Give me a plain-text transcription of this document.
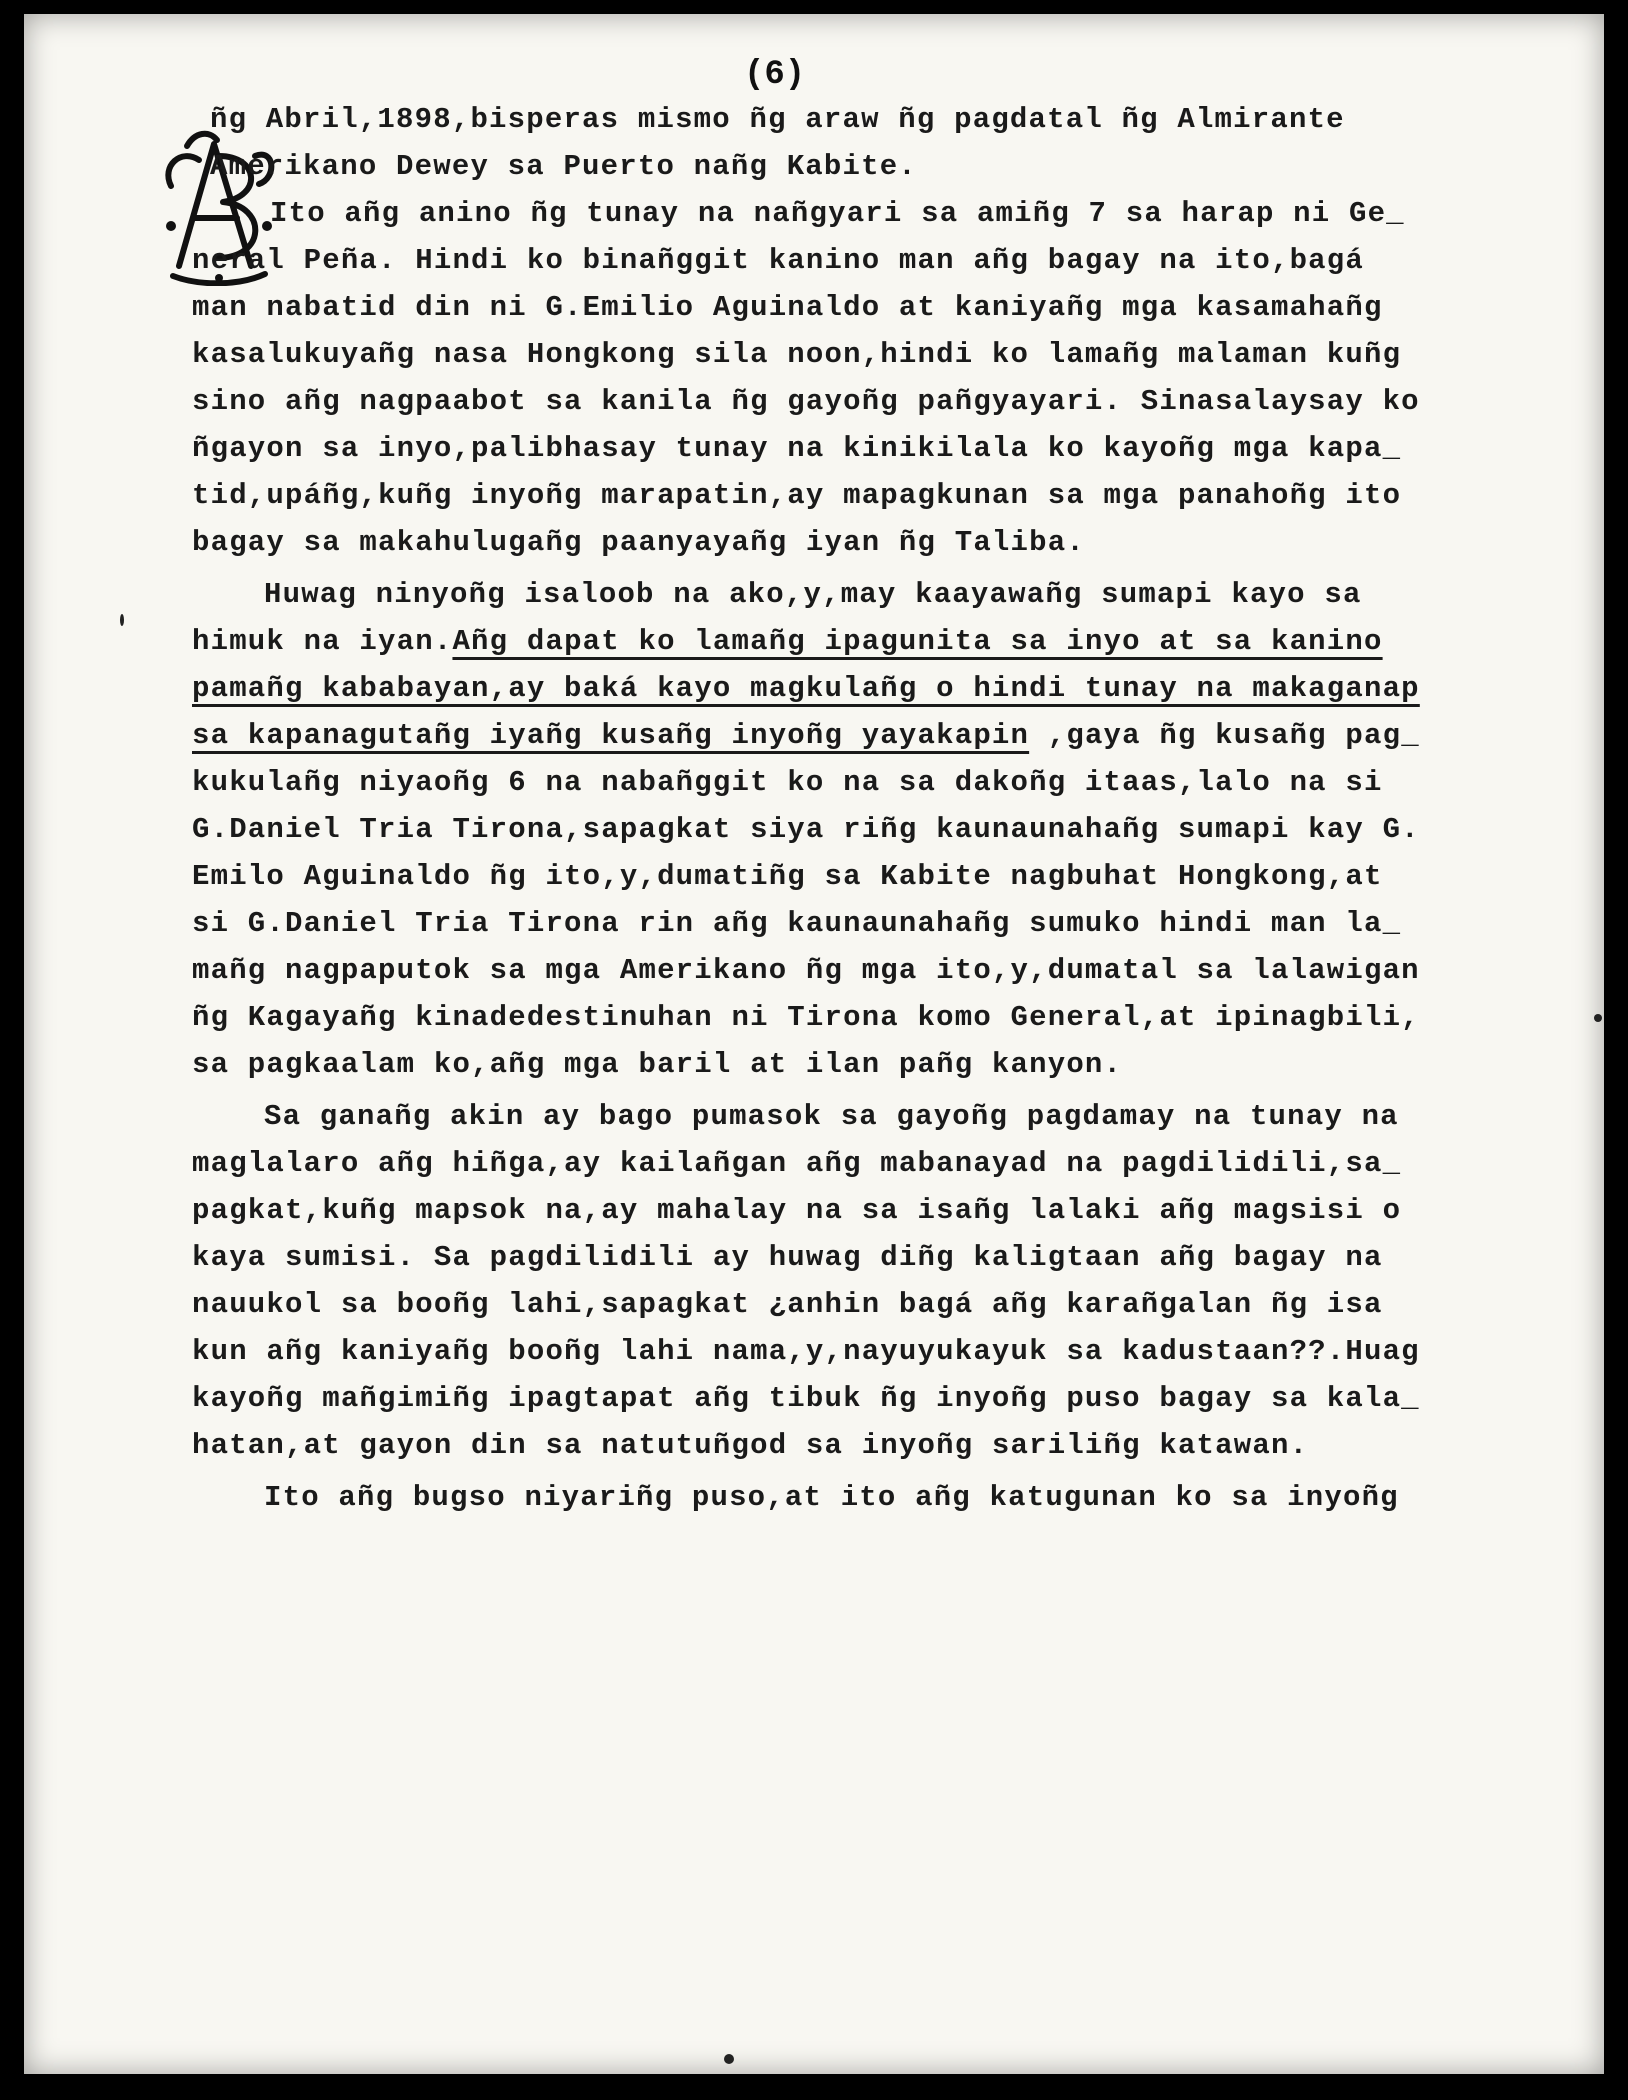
(6)
ñg Abril,1898,bisperas mismo ñg araw ñg pagdatal ñg Almirante
Amerikano Dewey sa Puerto nañg Kabite.
Ito añg anino ñg tunay na nañgyari sa amiñg 7 sa harap ni Ge_
neral Peña. Hindi ko binañggit kanino man añg bagay na ito,bagá
man nabatid din ni G.Emilio Aguinaldo at kaniyañg mga kasamahañg
kasalukuyañg nasa Hongkong sila noon,hindi ko lamañg malaman kuñg
sino añg nagpaabot sa kanila ñg gayoñg pañgyayari. Sinasalaysay ko
ñgayon sa inyo,palibhasay tunay na kinikilala ko kayoñg mga kapa_
tid,upáñg,kuñg inyoñg marapatin,ay mapagkunan sa mga panahoñg ito
bagay sa makahulugañg paanyayañg iyan ñg Taliba.
Huwag ninyoñg isaloob na ako,y,may kaayawañg sumapi kayo sa
himuk na iyan.Añg dapat ko lamañg ipagunita sa inyo at sa kanino
pamañg kababayan,ay baká kayo magkulañg o hindi tunay na makaganap
sa kapanagutañg iyañg kusañg inyoñg yayakapin ,gaya ñg kusañg pag_
kukulañg niyaoñg 6 na nabañggit ko na sa dakoñg itaas,lalo na si
G.Daniel Tria Tirona,sapagkat siya riñg kaunaunahañg sumapi kay G.
Emilo Aguinaldo ñg ito,y,dumatiñg sa Kabite nagbuhat Hongkong,at
si G.Daniel Tria Tirona rin añg kaunaunahañg sumuko hindi man la_
mañg nagpaputok sa mga Amerikano ñg mga ito,y,dumatal sa lalawigan
ñg Kagayañg kinadedestinuhan ni Tirona komo General,at ipinagbili,
sa pagkaalam ko,añg mga baril at ilan pañg kanyon.
Sa ganañg akin ay bago pumasok sa gayoñg pagdamay na tunay na
maglalaro añg hiñga,ay kailañgan añg mabanayad na pagdilidili,sa_
pagkat,kuñg mapsok na,ay mahalay na sa isañg lalaki añg magsisi o
kaya sumisi. Sa pagdilidili ay huwag diñg kaligtaan añg bagay na
nauukol sa booñg lahi,sapagkat ¿anhin bagá añg karañgalan ñg isa
kun añg kaniyañg booñg lahi nama,y,nayuyukayuk sa kadustaan??.Huag
kayoñg mañgimiñg ipagtapat añg tibuk ñg inyoñg puso bagay sa kala_
hatan,at gayon din sa natutuñgod sa inyoñg sariliñg katawan.
Ito añg bugso niyariñg puso,at ito añg katugunan ko sa inyoñg
